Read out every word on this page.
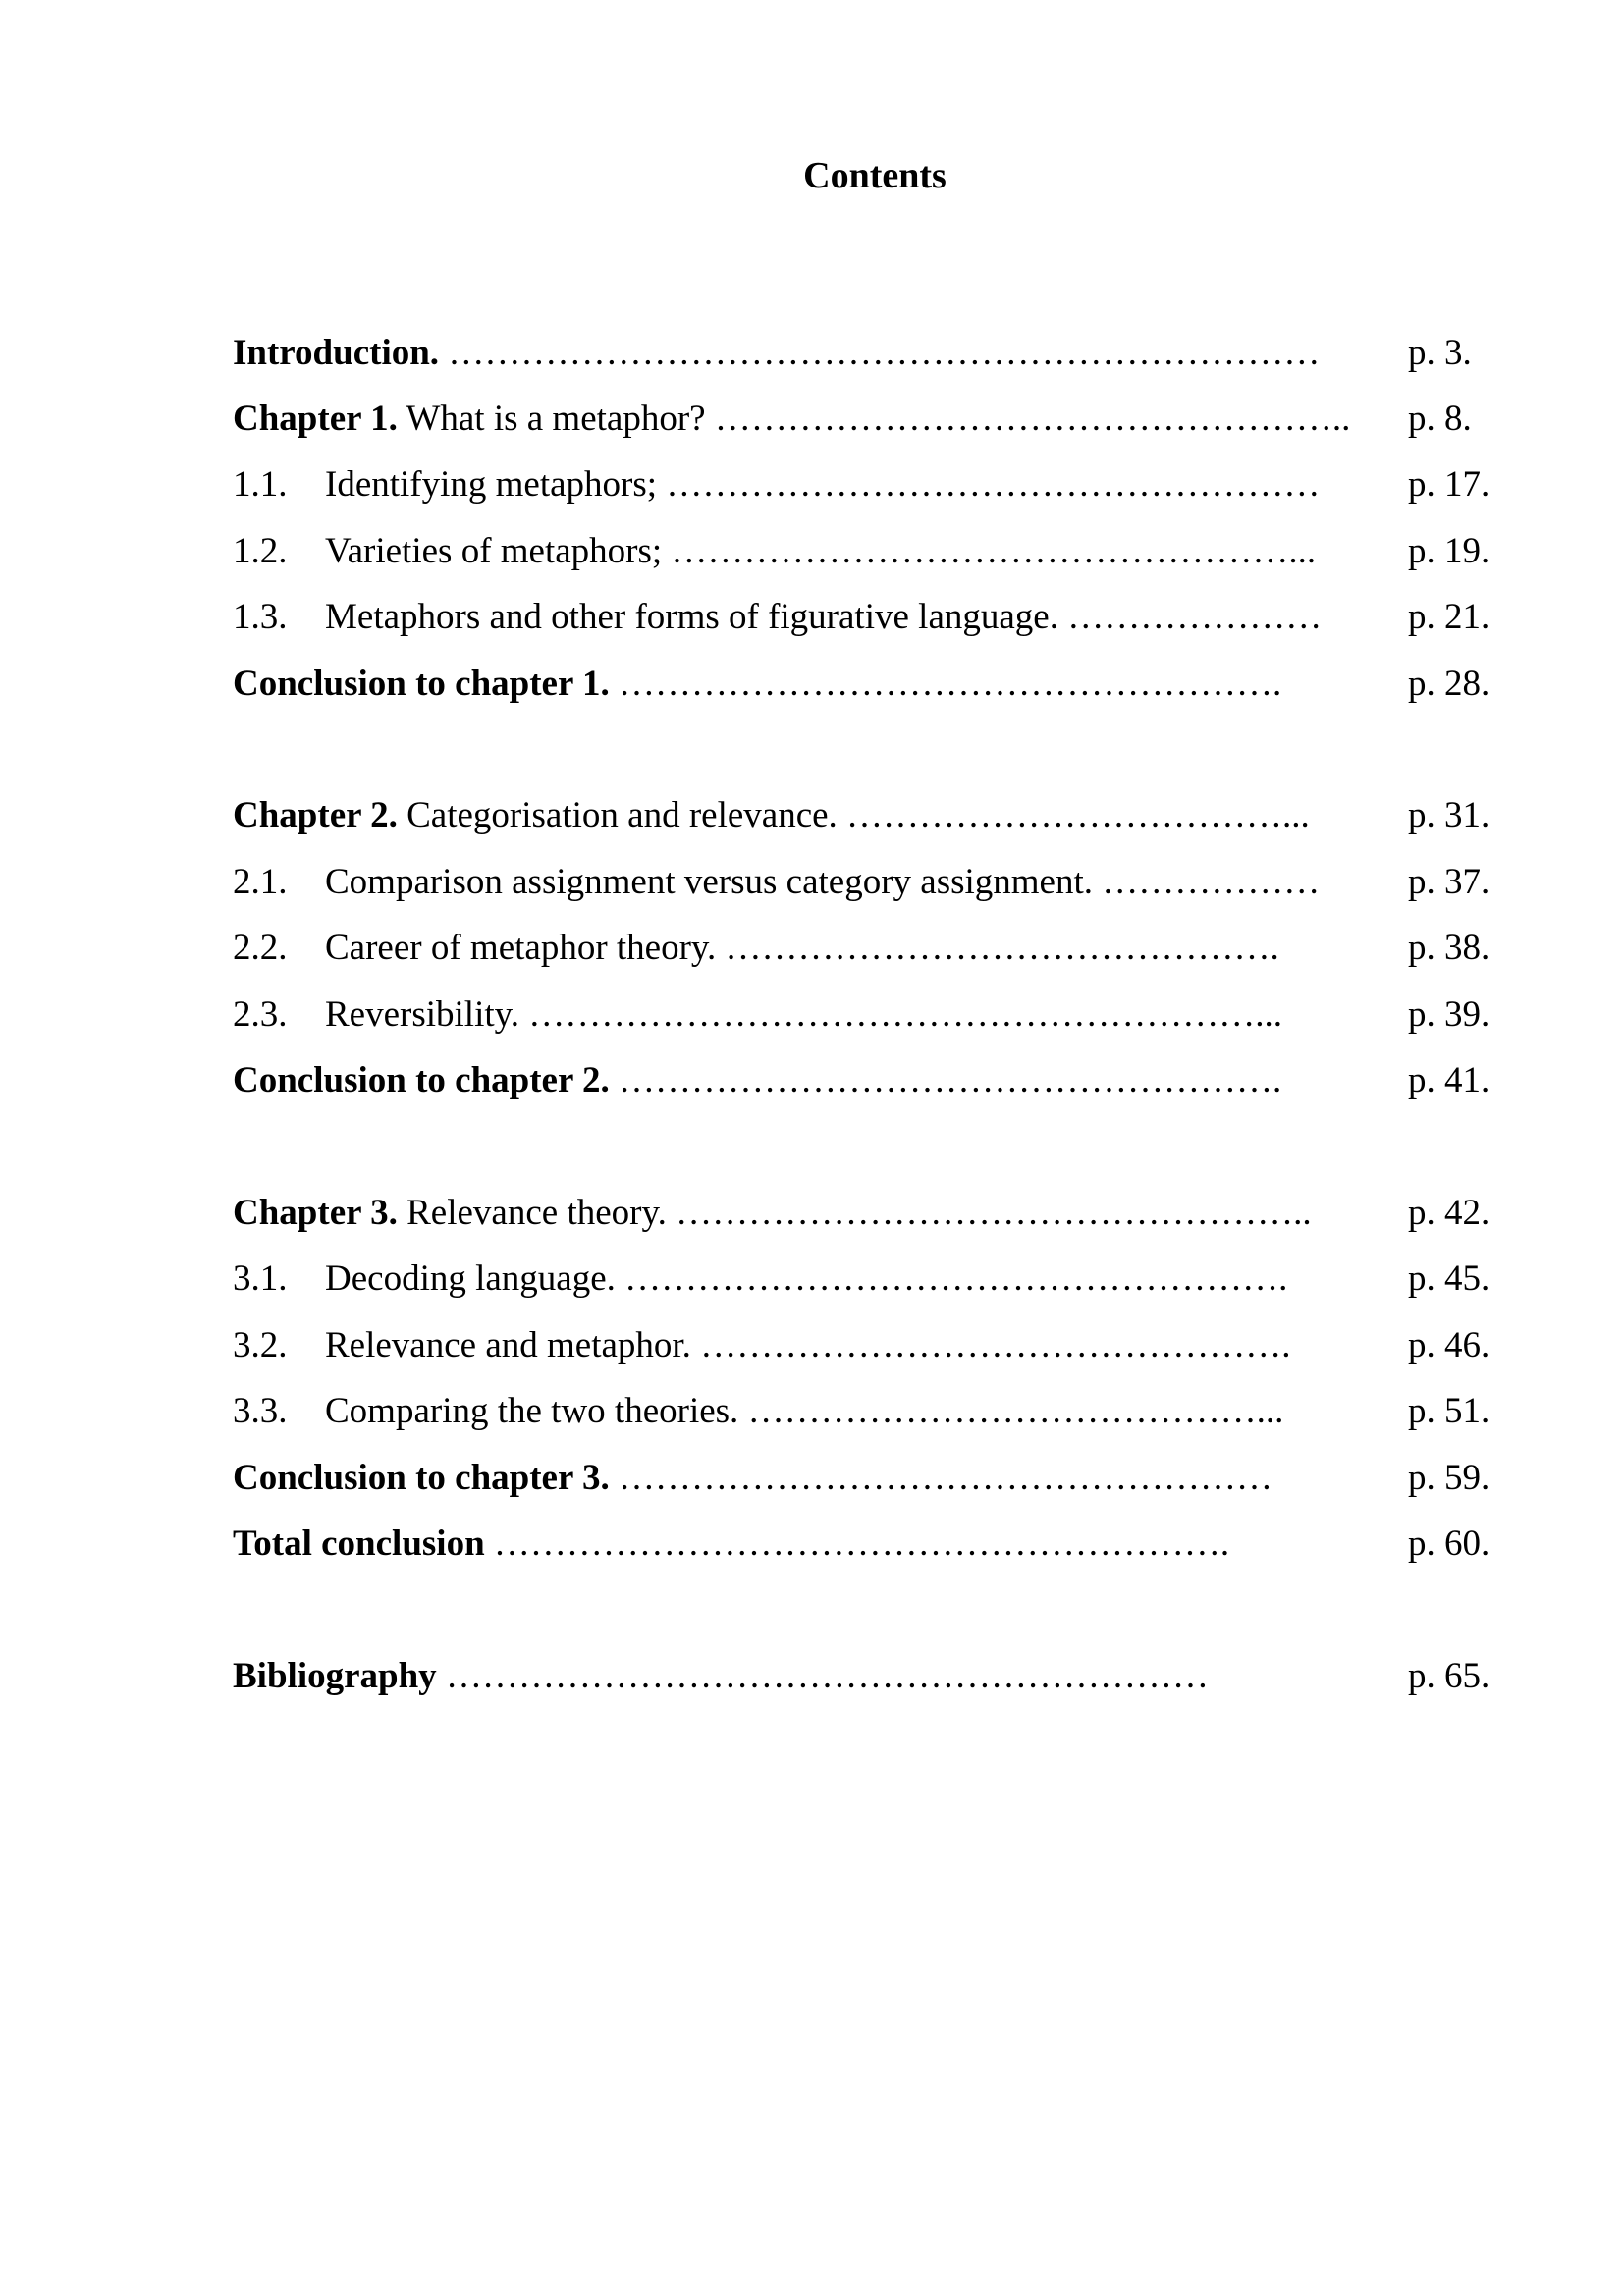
Contents
Introduction. ………………………………………………………………	p. 3.
Chapter 1. What is a metaphor? ……………………………………………..	p. 8.
1.1. Identifying metaphors; ………………………………………………	p. 17.
1.2. Varieties of metaphors; ……………………………………………...	p. 19.
1.3. Metaphors and other forms of figurative language. …………………	p. 21.
Conclusion to chapter 1. ……………………………………………….	p. 28.
Chapter 2. Categorisation and relevance. ………………………………...	p. 31.
2.1. Comparison assignment versus category assignment. ………………	p. 37.
2.2. Career of metaphor theory. ……………………………………….	p. 38.
2.3. Reversibility. ……………………………………………………...	p. 39.
Conclusion to chapter 2. ……………………………………………….	p. 41.
Chapter 3. Relevance theory. ……………………………………………..	p. 42.
3.1. Decoding language. ……………………………………………….	p. 45.
3.2. Relevance and metaphor. ………………………………………….	p. 46.
3.3. Comparing the two theories. ……………………………………...	p. 51.
Conclusion to chapter 3. ………………………………………………	p. 59.
Total conclusion …………………………………………………….	p. 60.
Bibliography ………………………………………………………	p. 65.
